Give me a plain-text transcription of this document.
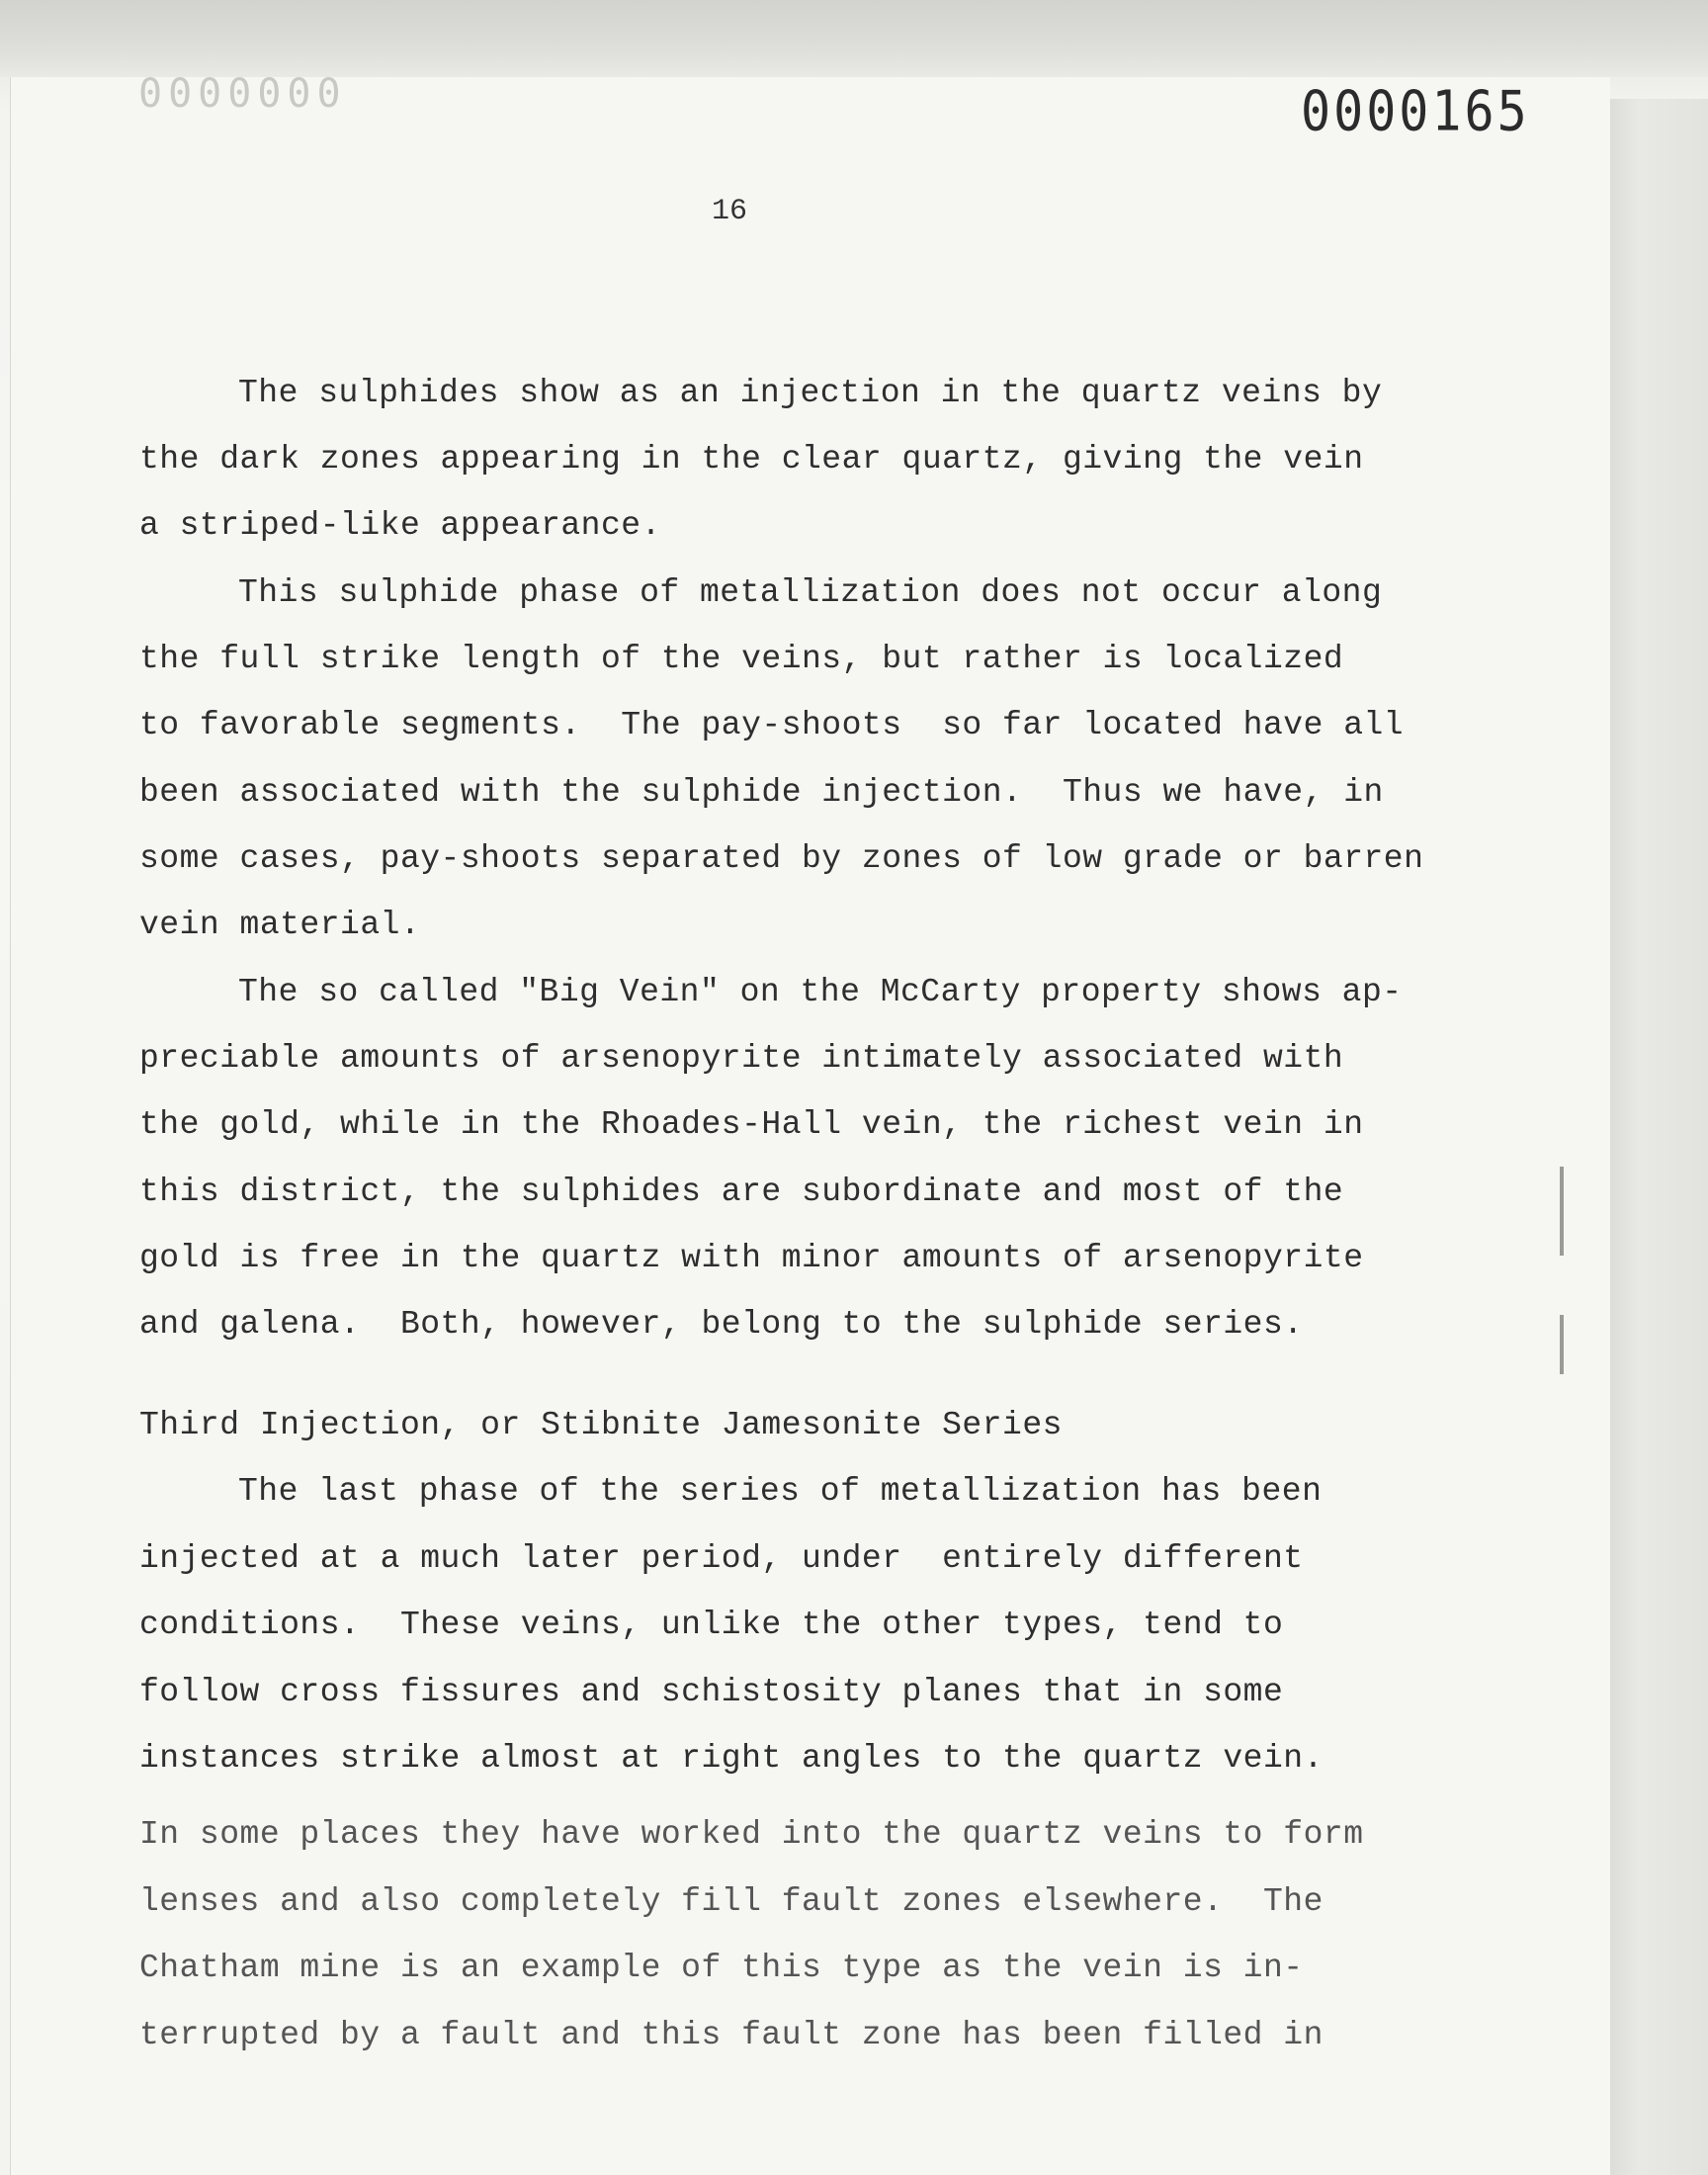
0000000	0000165
16
The sulphides show as an injection in the quartz veins by
the dark zones appearing in the clear quartz, giving the vein
a striped-like appearance.
This sulphide phase of metallization does not occur along
the full strike length of the veins, but rather is localized
to favorable segments.  The pay-shoots  so far located have all
been associated with the sulphide injection.  Thus we have, in
some cases, pay-shoots separated by zones of low grade or barren
vein material.
The so called "Big Vein" on the McCarty property shows ap-
preciable amounts of arsenopyrite intimately associated with
the gold, while in the Rhoades-Hall vein, the richest vein in
this district, the sulphides are subordinate and most of the
gold is free in the quartz with minor amounts of arsenopyrite
and galena.  Both, however, belong to the sulphide series.
Third Injection, or Stibnite Jamesonite Series
The last phase of the series of metallization has been
injected at a much later period, under  entirely different
conditions.  These veins, unlike the other types, tend to
follow cross fissures and schistosity planes that in some
instances strike almost at right angles to the quartz vein.
In some places they have worked into the quartz veins to form
lenses and also completely fill fault zones elsewhere.  The
Chatham mine is an example of this type as the vein is in-
terrupted by a fault and this fault zone has been filled in
